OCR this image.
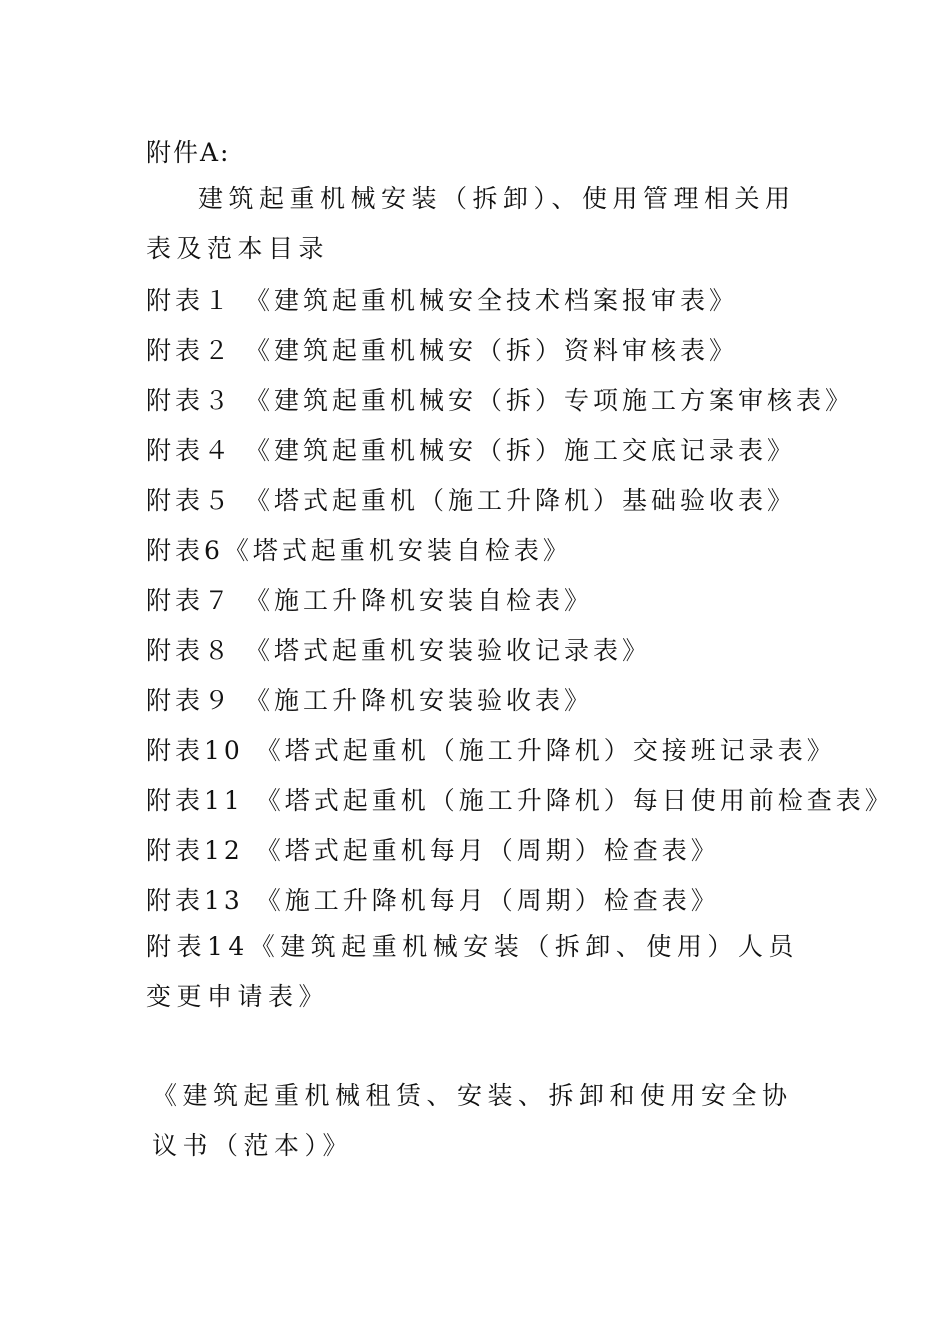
附件A:
建筑起重机械安装（拆卸）、使用管理相关用表及范本目录
附表１ 《建筑起重机械安全技术档案报审表》
附表２ 《建筑起重机械安（拆）资料审核表》
附表３ 《建筑起重机械安（拆）专项施工方案审核表》
附表４ 《建筑起重机械安（拆）施工交底记录表》
附表５ 《塔式起重机（施工升降机）基础验收表》
附表6《塔式起重机安装自检表》
附表７ 《施工升降机安装自检表》
附表８ 《塔式起重机安装验收记录表》
附表９ 《施工升降机安装验收表》
附表10 《塔式起重机（施工升降机）交接班记录表》
附表11 《塔式起重机（施工升降机）每日使用前检查表》
附表12 《塔式起重机每月（周期）检查表》
附表13 《施工升降机每月（周期）检查表》
附表14《建筑起重机械安装（拆卸、使用）人员变更申请表》
《建筑起重机械租赁、安装、拆卸和使用安全协议书（范本）》
